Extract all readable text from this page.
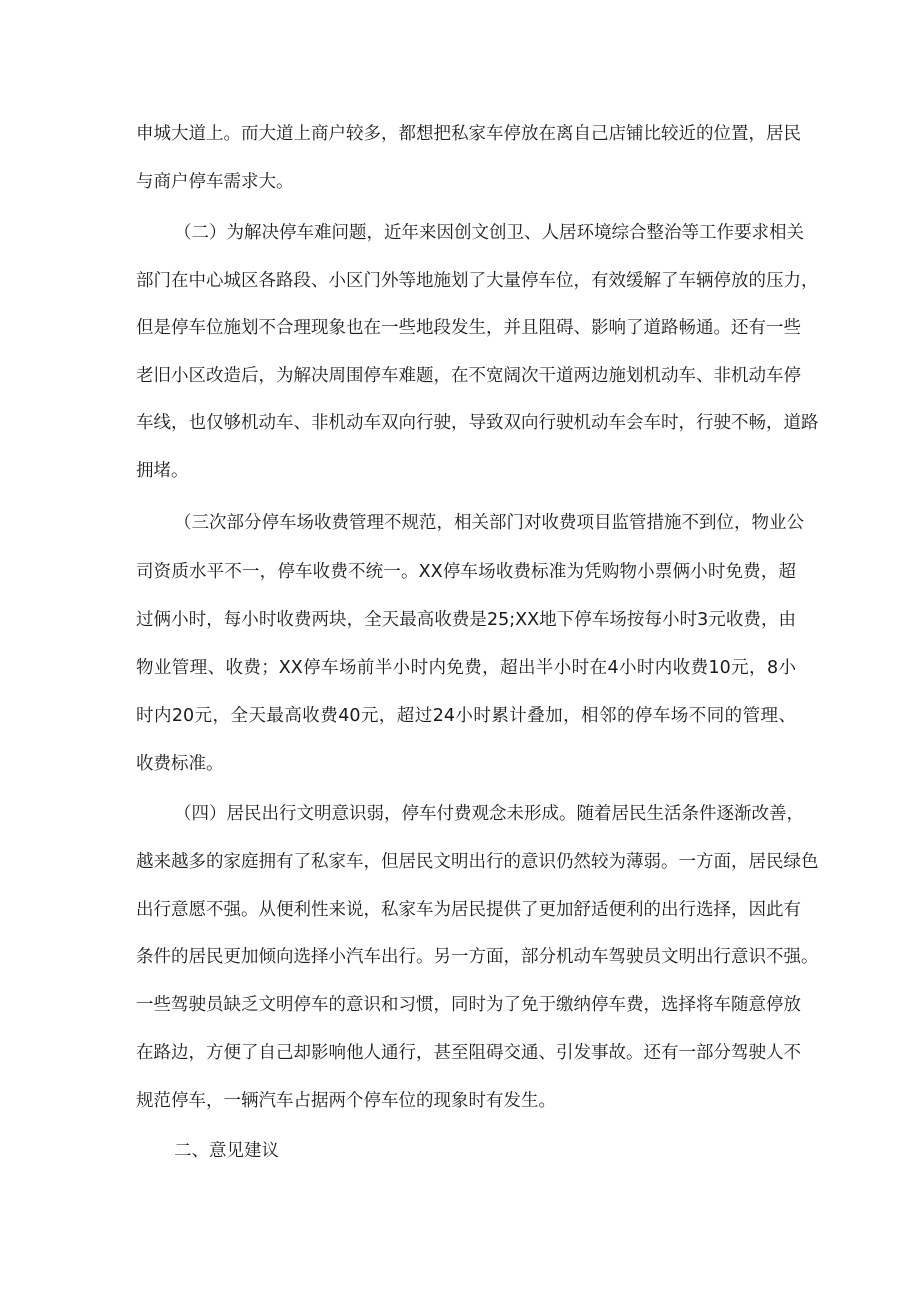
申城大道上。而大道上商户较多，都想把私家车停放在离自己店铺比较近的位置，居民
与商户停车需求大。
（二）为解决停车难问题，近年来因创文创卫、人居环境综合整治等工作要求相关
部门在中心城区各路段、小区门外等地施划了大量停车位，有效缓解了车辆停放的压力，
但是停车位施划不合理现象也在一些地段发生，并且阻碍、影响了道路畅通。还有一些
老旧小区改造后，为解决周围停车难题，在不宽阔次干道两边施划机动车、非机动车停
车线，也仅够机动车、非机动车双向行驶，导致双向行驶机动车会车时，行驶不畅，道路
拥堵。
（三次部分停车场收费管理不规范，相关部门对收费项目监管措施不到位，物业公
司资质水平不一，停车收费不统一。XX停车场收费标准为凭购物小票俩小时免费，超
过俩小时，每小时收费两块，全天最高收费是25;XX地下停车场按每小时3元收费，由
物业管理、收费；XX停车场前半小时内免费，超出半小时在4小时内收费10元，8小
时内20元，全天最高收费40元，超过24小时累计叠加，相邻的停车场不同的管理、
收费标准。
（四）居民出行文明意识弱，停车付费观念未形成。随着居民生活条件逐渐改善，
越来越多的家庭拥有了私家车，但居民文明出行的意识仍然较为薄弱。一方面，居民绿色
出行意愿不强。从便利性来说，私家车为居民提供了更加舒适便利的出行选择，因此有
条件的居民更加倾向选择小汽车出行。另一方面，部分机动车驾驶员文明出行意识不强。
一些驾驶员缺乏文明停车的意识和习惯，同时为了免于缴纳停车费，选择将车随意停放
在路边，方便了自己却影响他人通行，甚至阻碍交通、引发事故。还有一部分驾驶人不
规范停车，一辆汽车占据两个停车位的现象时有发生。
二、意见建议
